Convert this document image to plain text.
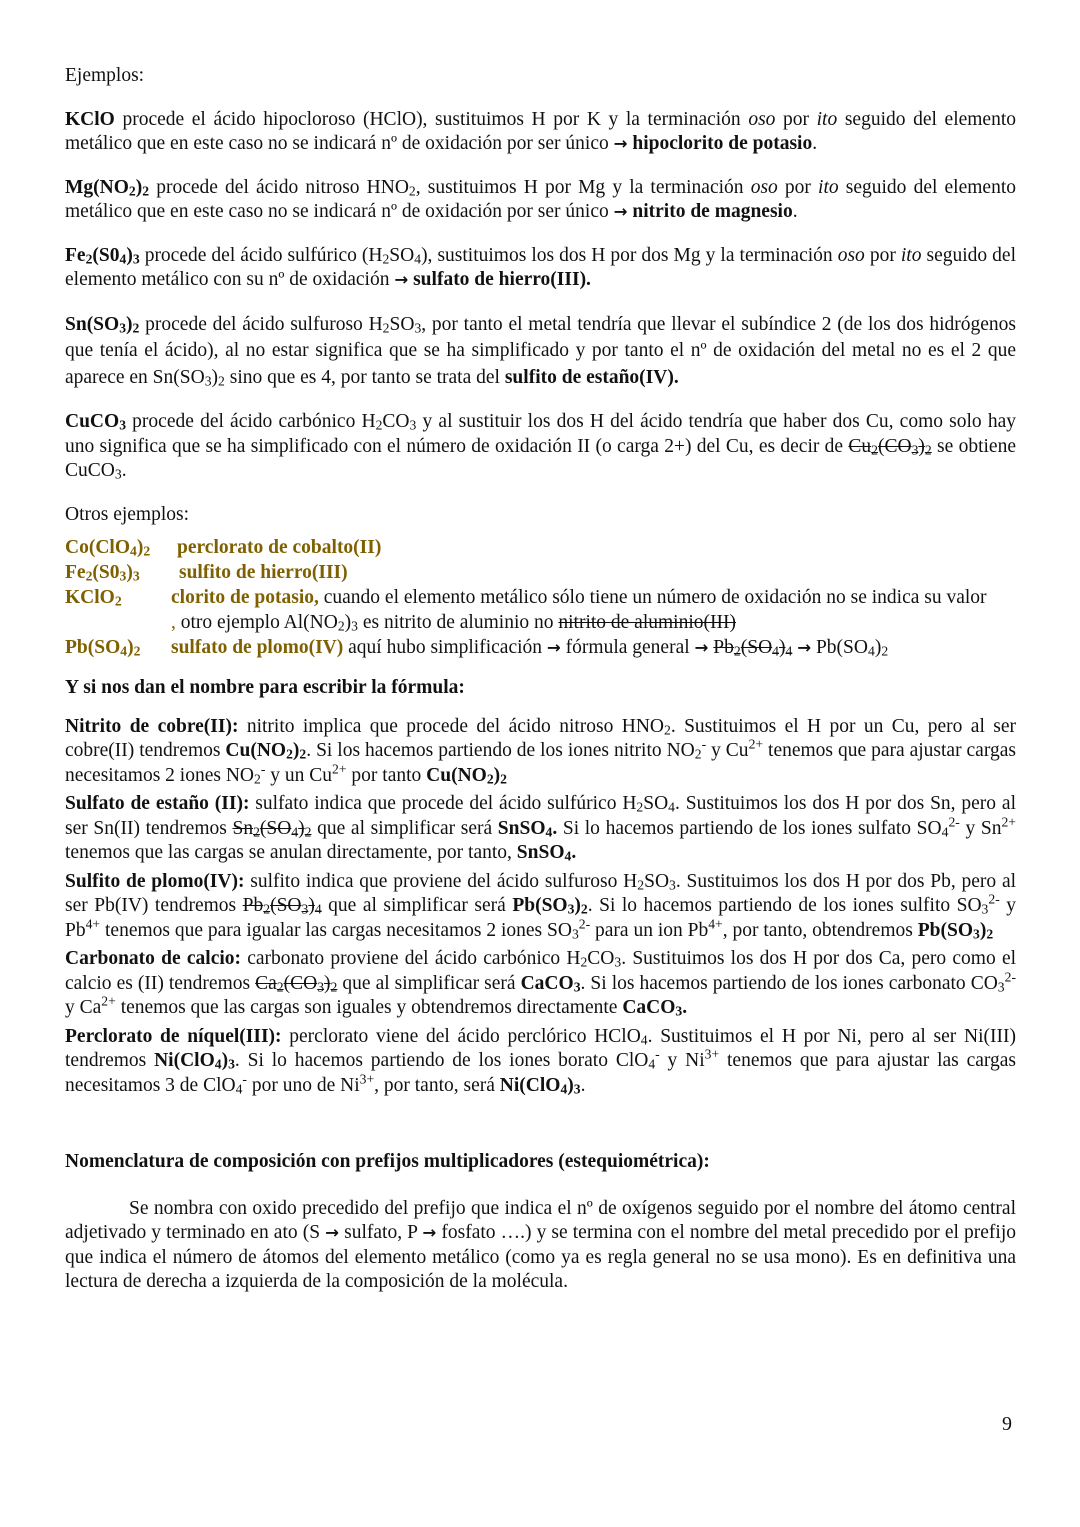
Ejemplos:

KClO procede el ácido hipocloroso (HClO), sustituimos H por K y la terminación oso por ito seguido del elemento metálico que en este caso no se indicará nº de oxidación por ser único → hipoclorito de potasio.

$Mg(NO_2)_2$ procede del ácido nitroso $HNO_2$, sustituimos H por Mg y la terminación oso por ito seguido del elemento metálico que en este caso no se indicará nº de oxidación por ser único → nitrito de magnesio.

$Fe_2(S0_4)_3$ procede del ácido sulfúrico $(H_2SO_4)$, sustituimos los dos H por dos Mg y la terminación oso por ito seguido del elemento metálico con su nº de oxidación → sulfato de hierro(III).

$Sn(SO_3)_2$ procede del ácido sulfuroso $H_2SO_3$, por tanto el metal tendría que llevar el subíndice 2 (de los dos hidrógenos que tenía el ácido), al no estar significa que se ha simplificado y por tanto el nº de oxidación del metal no es el 2 que aparece en $Sn(SO_3)_2$ sino que es 4, por tanto se trata del sulfito de estaño(IV).

CuCO$_3$ procede del ácido carbónico $H_2CO_3$ y al sustituir los dos H del ácido tendría que haber dos Cu, como solo hay uno significa que se ha simplificado con el número de oxidación II (o carga 2+) del Cu, es decir de $Cu_2(CO_3)_2$ se obtiene CuCO$_3$.

Otros ejemplos:

$Co(ClO_4)_2$	perclorato de cobalto(II)
$Fe_2(S0_3)_3$	sulfito de hierro(III)
KClO$_2$	clorito de potasio, cuando el elemento metálico sólo tiene un número de oxidación no se indica su valor
, otro ejemplo $Al(NO_2)_3$ es nitrito de aluminio no nitrito de aluminio(III)
$Pb(SO_4)_2$	sulfato de plomo(IV) aquí hubo simplificación → fórmula general → $Pb_2(SO_4)_4 \to Pb(SO_4)_2$

Y si nos dan el nombre para escribir la fórmula:

Nitrito de cobre(II): nitrito implica que procede del ácido nitroso $HNO_2$. Sustituimos el H por un Cu, pero al ser cobre(II) tendremos $Cu(NO_2)_2$. Si los hacemos partiendo de los iones nitrito $NO_2^-$ y $Cu^{2+}$ tenemos que para ajustar cargas necesitamos 2 iones $NO_2^-$ y un $Cu^{2+}$ por tanto $Cu(NO_2)_2$

Sulfato de estaño (II): sulfato indica que procede del ácido sulfúrico $H_2SO_4$. Sustituimos los dos H por dos Sn, pero al ser Sn(II) tendremos $Sn_2(SO_4)_2$ que al simplificar será SnSO$_4$. Si lo hacemos partiendo de los iones sulfato $SO_4^{2-}$ y $Sn^{2+}$ tenemos que las cargas se anulan directamente, por tanto, SnSO$_4$.

Sulfito de plomo(IV): sulfito indica que proviene del ácido sulfuroso $H_2SO_3$. Sustituimos los dos H por dos Pb, pero al ser Pb(IV) tendremos $Pb_2(SO_3)_4$ que al simplificar será $Pb(SO_3)_2$. Si lo hacemos partiendo de los iones sulfito $SO_3^{2-}$ y $Pb^{4+}$ tenemos que para igualar las cargas necesitamos 2 iones $SO_3^{2-}$ para un ion $Pb^{4+}$, por tanto, obtendremos $Pb(SO_3)_2$

Carbonato de calcio: carbonato proviene del ácido carbónico $H_2CO_3$. Sustituimos los dos H por dos Ca, pero como el calcio es (II) tendremos $Ca_2(CO_3)_2$ que al simplificar será CaCO$_3$. Si los hacemos partiendo de los iones carbonato $CO_3^{2-}$ y $Ca^{2+}$ tenemos que las cargas son iguales y obtendremos directamente CaCO$_3$.

Perclorato de níquel(III): perclorato viene del ácido perclórico HClO$_4$. Sustituimos el H por Ni, pero al ser Ni(III) tendremos $Ni(ClO_4)_3$. Si lo hacemos partiendo de los iones borato ClO$_4$- y $Ni^{3+}$ tenemos que para ajustar las cargas necesitamos 3 de ClO$_4$- por uno de $Ni^{3+}$, por tanto, será $Ni(ClO_4)_3$.

Nomenclatura de composición con prefijos multiplicadores (estequiométrica):

Se nombra con oxido precedido del prefijo que indica el nº de oxígenos seguido por el nombre del átomo central adjetivado y terminado en ato (S → sulfato, P → fosfato ….) y se termina con el nombre del metal precedido por el prefijo que indica el número de átomos del elemento metálico (como ya es regla general no se usa mono). Es en definitiva una lectura de derecha a izquierda de la composición de la molécula.

9
